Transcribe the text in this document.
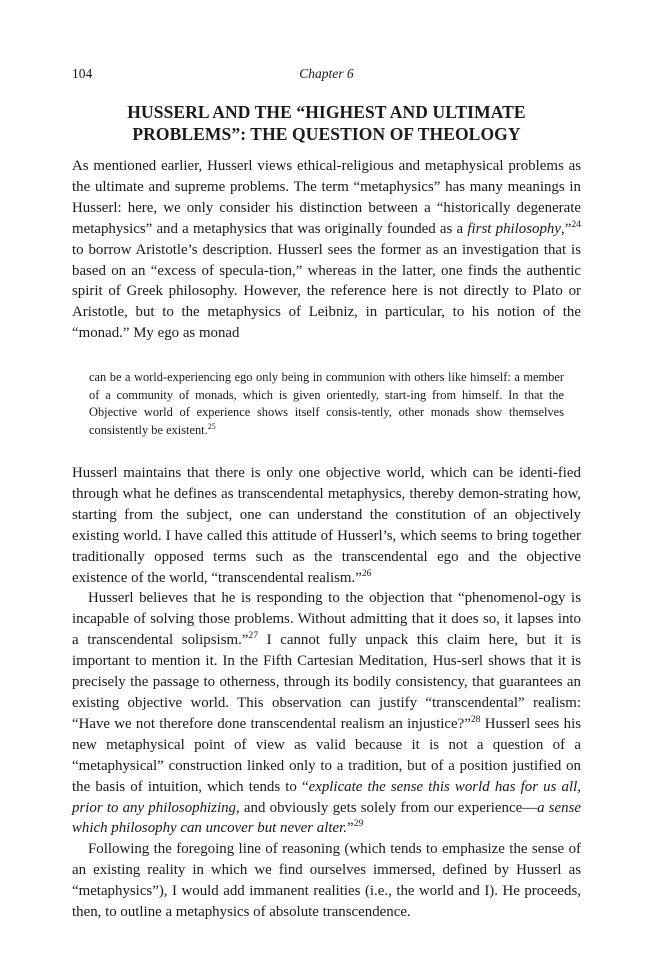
104	Chapter 6
HUSSERL AND THE “HIGHEST AND ULTIMATE
PROBLEMS”: THE QUESTION OF THEOLOGY

As mentioned earlier, Husserl views ethical-religious and metaphysical problems as the ultimate and supreme problems. The term “metaphysics” has many meanings in Husserl: here, we only consider his distinction between a “historically degenerate metaphysics” and a metaphysics that was originally founded as a first philosophy,”$^{24}$ to borrow Aristotle’s description. Husserl sees the former as an investigation that is based on an “excess of specula-tion,” whereas in the latter, one finds the authentic spirit of Greek philosophy. However, the reference here is not directly to Plato or Aristotle, but to the metaphysics of Leibniz, in particular, to his notion of the “monad.” My ego as monad

can be a world-experiencing ego only being in communion with others like himself: a member of a community of monads, which is given orientedly, start-ing from himself. In that the Objective world of experience shows itself consis-tently, other monads show themselves consistently be existent.$^{25}$

Husserl maintains that there is only one objective world, which can be identi-fied through what he defines as transcendental metaphysics, thereby demon-strating how, starting from the subject, one can understand the constitution of an objectively existing world. I have called this attitude of Husserl’s, which seems to bring together traditionally opposed terms such as the transcendental ego and the objective existence of the world, “transcendental realism.”$^{26}$

Husserl believes that he is responding to the objection that “phenomenol-ogy is incapable of solving those problems. Without admitting that it does so, it lapses into a transcendental solipsism.”$^{27}$ I cannot fully unpack this claim here, but it is important to mention it. In the Fifth Cartesian Meditation, Hus-serl shows that it is precisely the passage to otherness, through its bodily consistency, that guarantees an existing objective world. This observation can justify “transcendental” realism: “Have we not therefore done transcendental realism an injustice?”$^{28}$ Husserl sees his new metaphysical point of view as valid because it is not a question of a “metaphysical” construction linked only to a tradition, but of a position justified on the basis of intuition, which tends to “explicate the sense this world has for us all, prior to any philosophizing, and obviously gets solely from our experience—a sense which philosophy can uncover but never alter.”$^{29}$

Following the foregoing line of reasoning (which tends to emphasize the sense of an existing reality in which we find ourselves immersed, defined by Husserl as “metaphysics”), I would add immanent realities (i.e., the world and I). He proceeds, then, to outline a metaphysics of absolute transcendence.
